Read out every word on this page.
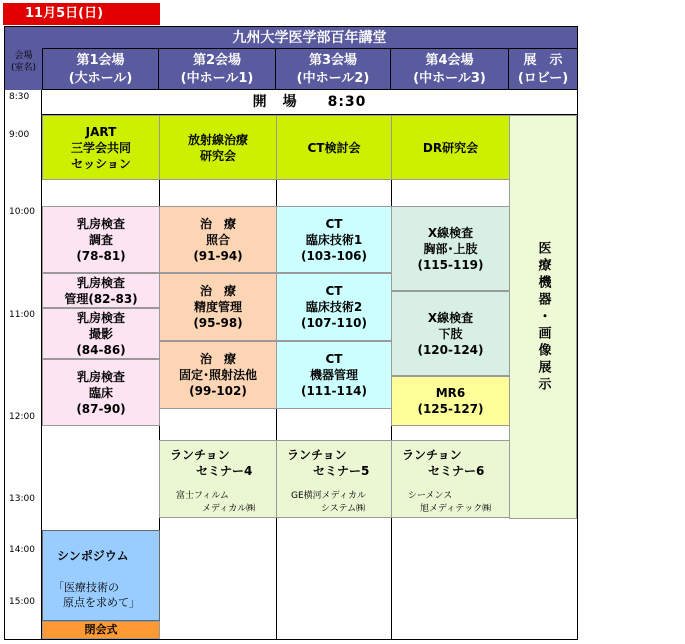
11月5日(日)
九州大学医学部百年講堂
会場
(室名)	第1会場
(大ホール)
第2会場
(中ホール1)
第3会場
(中ホール2)
第4会場
(中ホール3)
展　示
(ロビー)
8:30
9:00
10:00
11:00
12:00
13:00
14:00
15:00
開　場　　8:30
JART
三学会共同
セッション
乳房検査
調査
(78-81)
乳房検査
管理(82-83)
乳房検査
撮影
(84-86)
乳房検査
臨床
(87-90)
シンポジウム
「医療技術の
原点を求めて」
閉会式
放射線治療
研究会
治　療
照合
(91-94)
治　療
精度管理
(95-98)
治　療
固定･照射法他
(99-102)
ランチョン
セミナー4
富士フィルム
メディカル㈱
CT検討会
CT
臨床技術1
(103-106)
CT
臨床技術2
(107-110)
CT
機器管理
(111-114)
ランチョン
セミナー5
GE横河メディカル
システム㈱
DR研究会
X線検査
胸部･上肢
(115-119)
X線検査
下肢
(120-124)
MR6
(125-127)
ランチョン
セミナー6
シーメンス
旭メディテック㈱
医療機器・画像展示
